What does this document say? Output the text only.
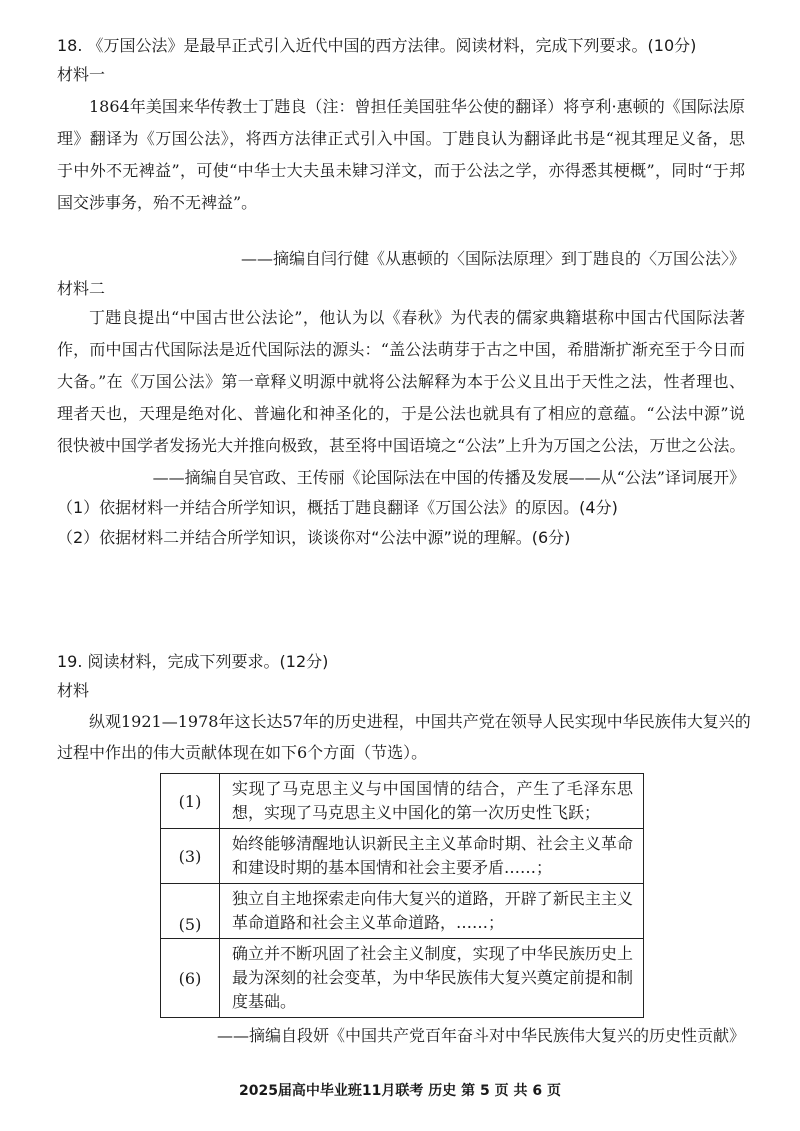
18. 《万国公法》是最早正式引入近代中国的西方法律。阅读材料，完成下列要求。(10分)
材料一
1864年美国来华传教士丁韪良（注：曾担任美国驻华公使的翻译）将亨利·惠顿的《国际法原
理》翻译为《万国公法》，将西方法律正式引入中国。丁韪良认为翻译此书是“视其理足义备，思
于中外不无裨益”，可使“中华士大夫虽未肄习洋文，而于公法之学，亦得悉其梗概”，同时“于邦
国交涉事务，殆不无裨益”。
——摘编自闫行健《从惠顿的〈国际法原理〉到丁韪良的〈万国公法〉》
材料二
丁韪良提出“中国古世公法论”，他认为以《春秋》为代表的儒家典籍堪称中国古代国际法著
作，而中国古代国际法是近代国际法的源头：“盖公法萌芽于古之中国，希腊渐扩渐充至于今日而
大备。”在《万国公法》第一章释义明源中就将公法解释为本于公义且出于天性之法，性者理也、
理者天也，天理是绝对化、普遍化和神圣化的，于是公法也就具有了相应的意蕴。“公法中源”说
很快被中国学者发扬光大并推向极致，甚至将中国语境之“公法”上升为万国之公法，万世之公法。
——摘编自吴官政、王传丽《论国际法在中国的传播及发展——从“公法”译词展开》
（1）依据材料一并结合所学知识，概括丁韪良翻译《万国公法》的原因。(4分)
（2）依据材料二并结合所学知识，谈谈你对“公法中源”说的理解。(6分)
19. 阅读材料，完成下列要求。(12分)
材料
纵观1921—1978年这长达57年的历史进程，中国共产党在领导人民实现中华民族伟大复兴的
过程中作出的伟大贡献体现在如下6个方面（节选）。
(1)	实现了马克思主义与中国国情的结合，产生了毛泽东思
想，实现了马克思主义中国化的第一次历史性飞跃；

(3)	始终能够清醒地认识新民主主义革命时期、社会主义革命
和建设时期的基本国情和社会主要矛盾……；

(5)	独立自主地探索走向伟大复兴的道路，开辟了新民主主义
革命道路和社会主义革命道路，……；

(6)	确立并不断巩固了社会主义制度，实现了中华民族历史上
最为深刻的社会变革，为中华民族伟大复兴奠定前提和制
度基础。
——摘编自段妍《中国共产党百年奋斗对中华民族伟大复兴的历史性贡献》
2025届高中毕业班11月联考 历史 第 5 页 共 6 页
